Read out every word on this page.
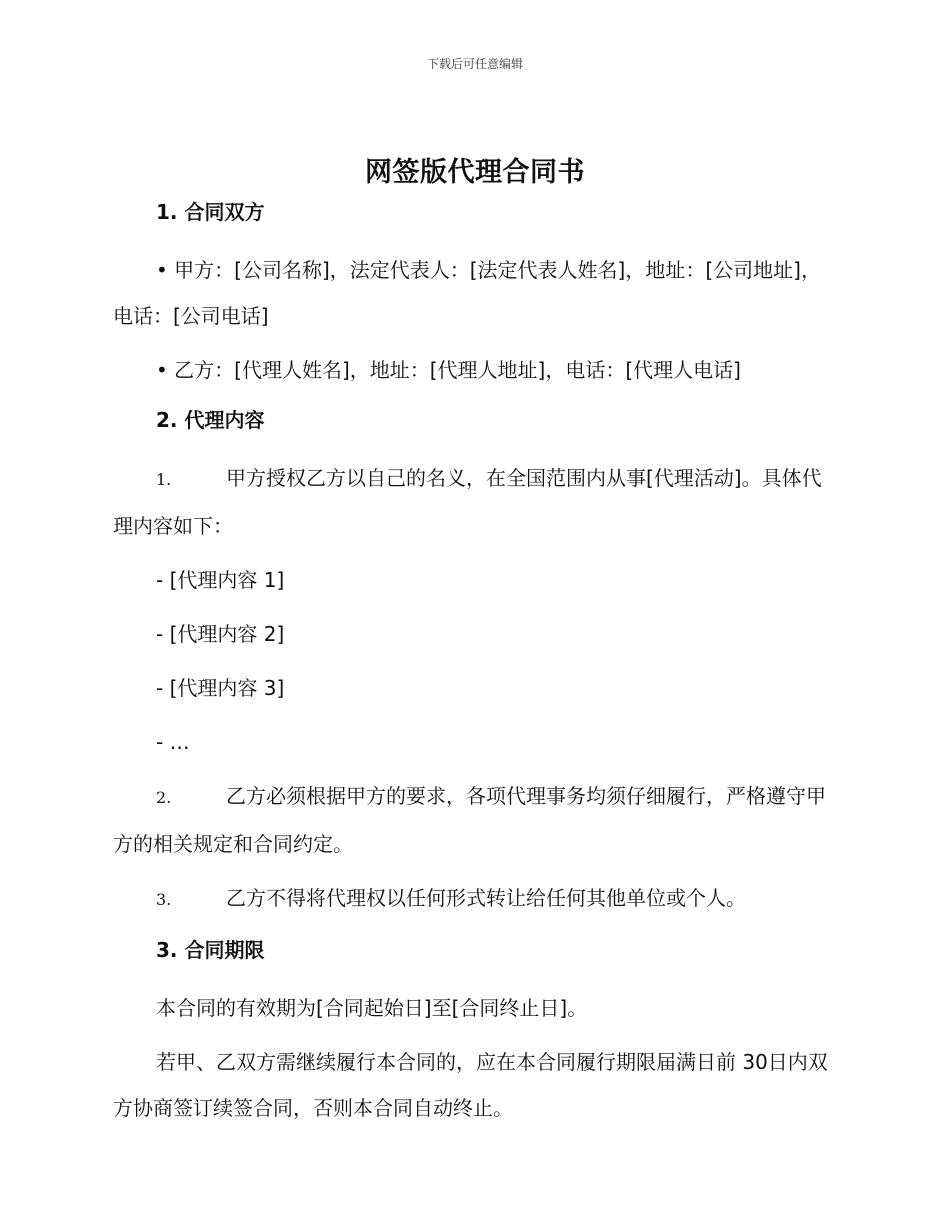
下载后可任意编辑
网签版代理合同书
1. 合同双方
• 甲方：[公司名称]，法定代表人：[法定代表人姓名]，地址：[公司地址]，电话：[公司电话]
• 乙方：[代理人姓名]，地址：[代理人地址]，电话：[代理人电话]
2. 代理内容
1.	甲方授权乙方以自己的名义，在全国范围内从事[代理活动]。具体代理内容如下：
- [代理内容 1]
- [代理内容 2]
- [代理内容 3]
- …
2.	乙方必须根据甲方的要求，各项代理事务均须仔细履行，严格遵守甲方的相关规定和合同约定。
3.	乙方不得将代理权以任何形式转让给任何其他单位或个人。
3. 合同期限
本合同的有效期为[合同起始日]至[合同终止日]。
若甲、乙双方需继续履行本合同的，应在本合同履行期限届满日前 30日内双方协商签订续签合同，否则本合同自动终止。
